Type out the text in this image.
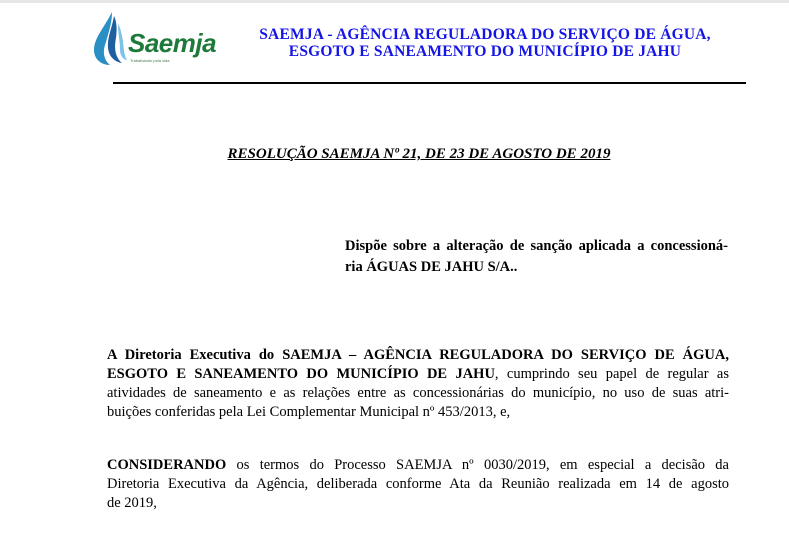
Saemja
Trabalhando pela vida
SAEMJA - AGÊNCIA REGULADORA DO SERVIÇO DE ÁGUA,
ESGOTO E SANEAMENTO DO MUNICÍPIO DE JAHU
RESOLUÇÃO SAEMJA Nº 21, DE 23 DE AGOSTO DE 2019
Dispõe sobre a alteração de sanção aplicada a concessioná-
ria ÁGUAS DE JAHU S/A..
A Diretoria Executiva do SAEMJA – AGÊNCIA REGULADORA DO SERVIÇO DE ÁGUA,
ESGOTO E SANEAMENTO DO MUNICÍPIO DE JAHU, cumprindo seu papel de regular as
atividades de saneamento e as relações entre as concessionárias do município, no uso de suas atri-
buições conferidas pela Lei Complementar Municipal nº 453/2013, e,
CONSIDERANDO os termos do Processo SAEMJA nº 0030/2019, em especial a decisão da
Diretoria Executiva da Agência, deliberada conforme Ata da Reunião realizada em 14 de agosto
de 2019,
